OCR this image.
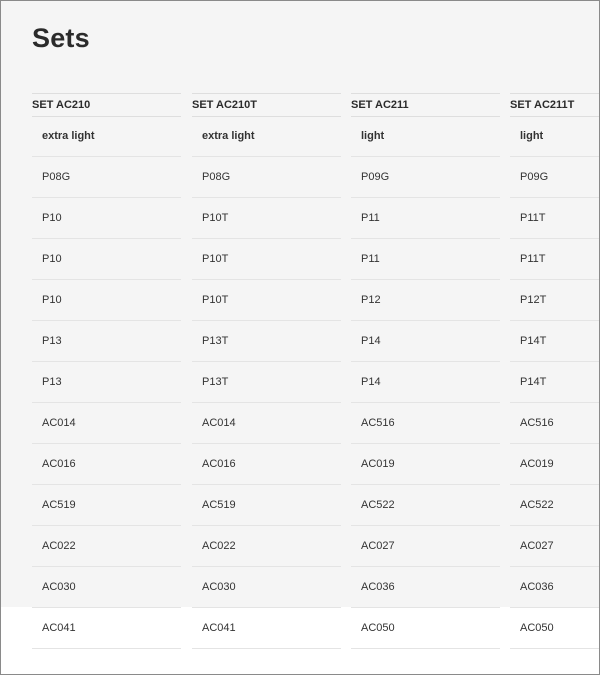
Sets
SET AC210
extra light
P08G
P10
P10
P10
P13
P13
AC014
AC016
AC519
AC022
AC030
AC041
SET AC210T
extra light
P08G
P10T
P10T
P10T
P13T
P13T
AC014
AC016
AC519
AC022
AC030
AC041
SET AC211
light
P09G
P11
P11
P12
P14
P14
AC516
AC019
AC522
AC027
AC036
AC050
SET AC211T
light
P09G
P11T
P11T
P12T
P14T
P14T
AC516
AC019
AC522
AC027
AC036
AC050
